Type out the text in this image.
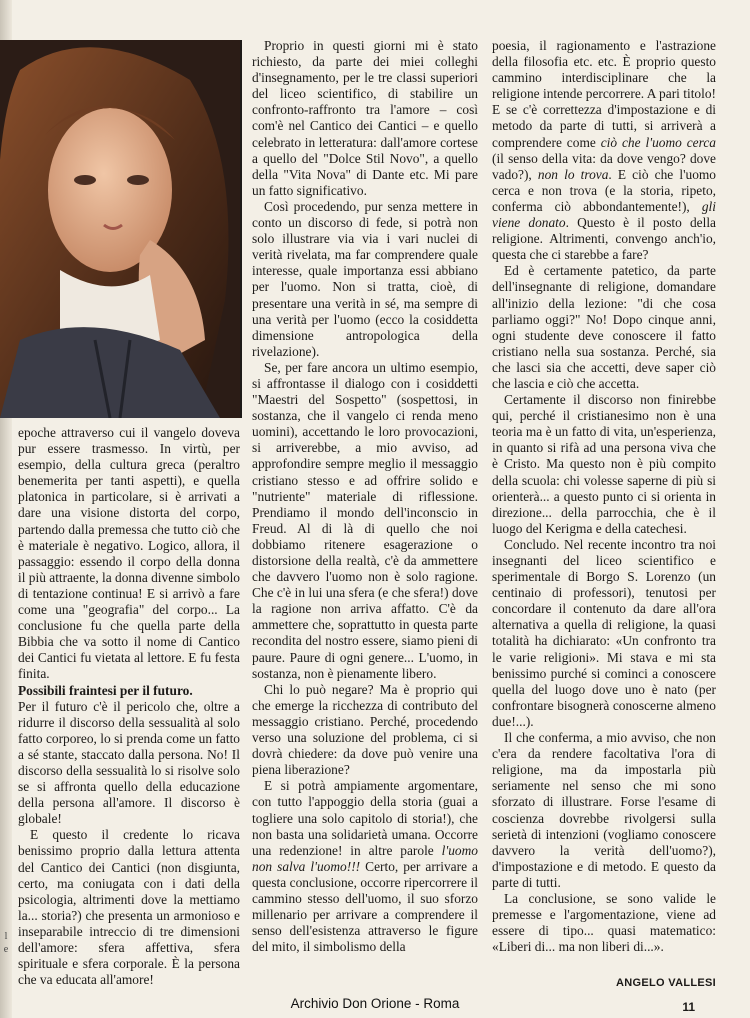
l
e

epoche attraverso cui il vangelo doveva pur essere trasmesso. In virtù, per esempio, della cultura greca (peraltro benemerita per tanti aspetti), e quella platonica in particolare, si è arrivati a dare una visione distorta del corpo, partendo dalla premessa che tutto ciò che è materiale è negativo. Logico, allora, il passaggio: essendo il corpo della donna il più attraente, la donna divenne simbolo di tentazione continua! E si arrivò a fare come una "geografia" del corpo... La conclusione fu che quella parte della Bibbia che va sotto il nome di Cantico dei Cantici fu vietata al lettore. E fu festa finita.

Possibili fraintesi per il futuro.

Per il futuro c'è il pericolo che, oltre a ridurre il discorso della sessualità al solo fatto corporeo, lo si prenda come un fatto a sé stante, staccato dalla persona. No! Il discorso della sessualità lo si risolve solo se si affronta quello della educazione della persona all'amore. Il discorso è globale!

E questo il credente lo ricava benissimo proprio dalla lettura attenta del Cantico dei Cantici (non disgiunta, certo, ma coniugata con i dati della psicologia, altrimenti dove la mettiamo la... storia?) che presenta un armonioso e inseparabile intreccio di tre dimensioni dell'amore: sfera affettiva, sfera spirituale e sfera corporale. È la persona che va educata all'amore!

Proprio in questi giorni mi è stato richiesto, da parte dei miei colleghi d'insegnamento, per le tre classi superiori del liceo scientifico, di stabilire un confronto-raffronto tra l'amore – così com'è nel Cantico dei Cantici – e quello celebrato in letteratura: dall'amore cortese a quello del "Dolce Stil Novo", a quello della "Vita Nova" di Dante etc. Mi pare un fatto significativo.

Così procedendo, pur senza mettere in conto un discorso di fede, si potrà non solo illustrare via via i vari nuclei di verità rivelata, ma far comprendere quale interesse, quale importanza essi abbiano per l'uomo. Non si tratta, cioè, di presentare una verità in sé, ma sempre di una verità per l'uomo (ecco la cosiddetta dimensione antropologica della rivelazione).

Se, per fare ancora un ultimo esempio, si affrontasse il dialogo con i cosiddetti "Maestri del Sospetto" (sospettosi, in sostanza, che il vangelo ci renda meno uomini), accettando le loro provocazioni, si arriverebbe, a mio avviso, ad approfondire sempre meglio il messaggio cristiano stesso e ad offrire solido e "nutriente" materiale di riflessione. Prendiamo il mondo dell'inconscio in Freud. Al di là di quello che noi dobbiamo ritenere esagerazione o distorsione della realtà, c'è da ammettere che davvero l'uomo non è solo ragione. Che c'è in lui una sfera (e che sfera!) dove la ragione non arriva affatto. C'è da ammettere che, soprattutto in questa parte recondita del nostro essere, siamo pieni di paure. Paure di ogni genere... L'uomo, in sostanza, non è pienamente libero.

Chi lo può negare? Ma è proprio qui che emerge la ricchezza di contributo del messaggio cristiano. Perché, procedendo verso una soluzione del problema, ci si dovrà chiedere: da dove può venire una piena liberazione?

E si potrà ampiamente argomentare, con tutto l'appoggio della storia (guai a togliere una solo capitolo di storia!), che non basta una solidarietà umana. Occorre una redenzione! in altre parole l'uomo non salva l'uomo!!! Certo, per arrivare a questa conclusione, occorre ripercorrere il cammino stesso dell'uomo, il suo sforzo millenario per arrivare a comprendere il senso dell'esistenza attraverso le figure del mito, il simbolismo della

poesia, il ragionamento e l'astrazione della filosofia etc. etc. È proprio questo cammino interdisciplinare che la religione intende percorrere. A pari titolo! E se c'è correttezza d'impostazione e di metodo da parte di tutti, si arriverà a comprendere come ciò che l'uomo cerca (il senso della vita: da dove vengo? dove vado?), non lo trova. E ciò che l'uomo cerca e non trova (e la storia, ripeto, conferma ciò abbondantemente!), gli viene donato. Questo è il posto della religione. Altrimenti, convengo anch'io, questa che ci starebbe a fare?

Ed è certamente patetico, da parte dell'insegnante di religione, domandare all'inizio della lezione: "di che cosa parliamo oggi?" No! Dopo cinque anni, ogni studente deve conoscere il fatto cristiano nella sua sostanza. Perché, sia che lasci sia che accetti, deve saper ciò che lascia e ciò che accetta.

Certamente il discorso non finirebbe qui, perché il cristianesimo non è una teoria ma è un fatto di vita, un'esperienza, in quanto si rifà ad una persona viva che è Cristo. Ma questo non è più compito della scuola: chi volesse saperne di più si orienterà... a questo punto ci si orienta in direzione... della parrocchia, che è il luogo del Kerigma e della catechesi.

Concludo. Nel recente incontro tra noi insegnanti del liceo scientifico e sperimentale di Borgo S. Lorenzo (un centinaio di professori), tenutosi per concordare il contenuto da dare all'ora alternativa a quella di religione, la quasi totalità ha dichiarato: «Un confronto tra le varie religioni». Mi stava e mi sta benissimo purché si cominci a conoscere quella del luogo dove uno è nato (per confrontare bisognerà conoscerne almeno due!...).

Il che conferma, a mio avviso, che non c'era da rendere facoltativa l'ora di religione, ma da impostarla più seriamente nel senso che mi sono sforzato di illustrare. Forse l'esame di coscienza dovrebbe rivolgersi sulla serietà di intenzioni (vogliamo conoscere davvero la verità dell'uomo?), d'impostazione e di metodo. E questo da parte di tutti.

La conclusione, se sono valide le premesse e l'argomentazione, viene ad essere di tipo... quasi matematico: «Liberi di... ma non liberi di...».

ANGELO VALLESI
Archivio Don Orione - Roma	11
